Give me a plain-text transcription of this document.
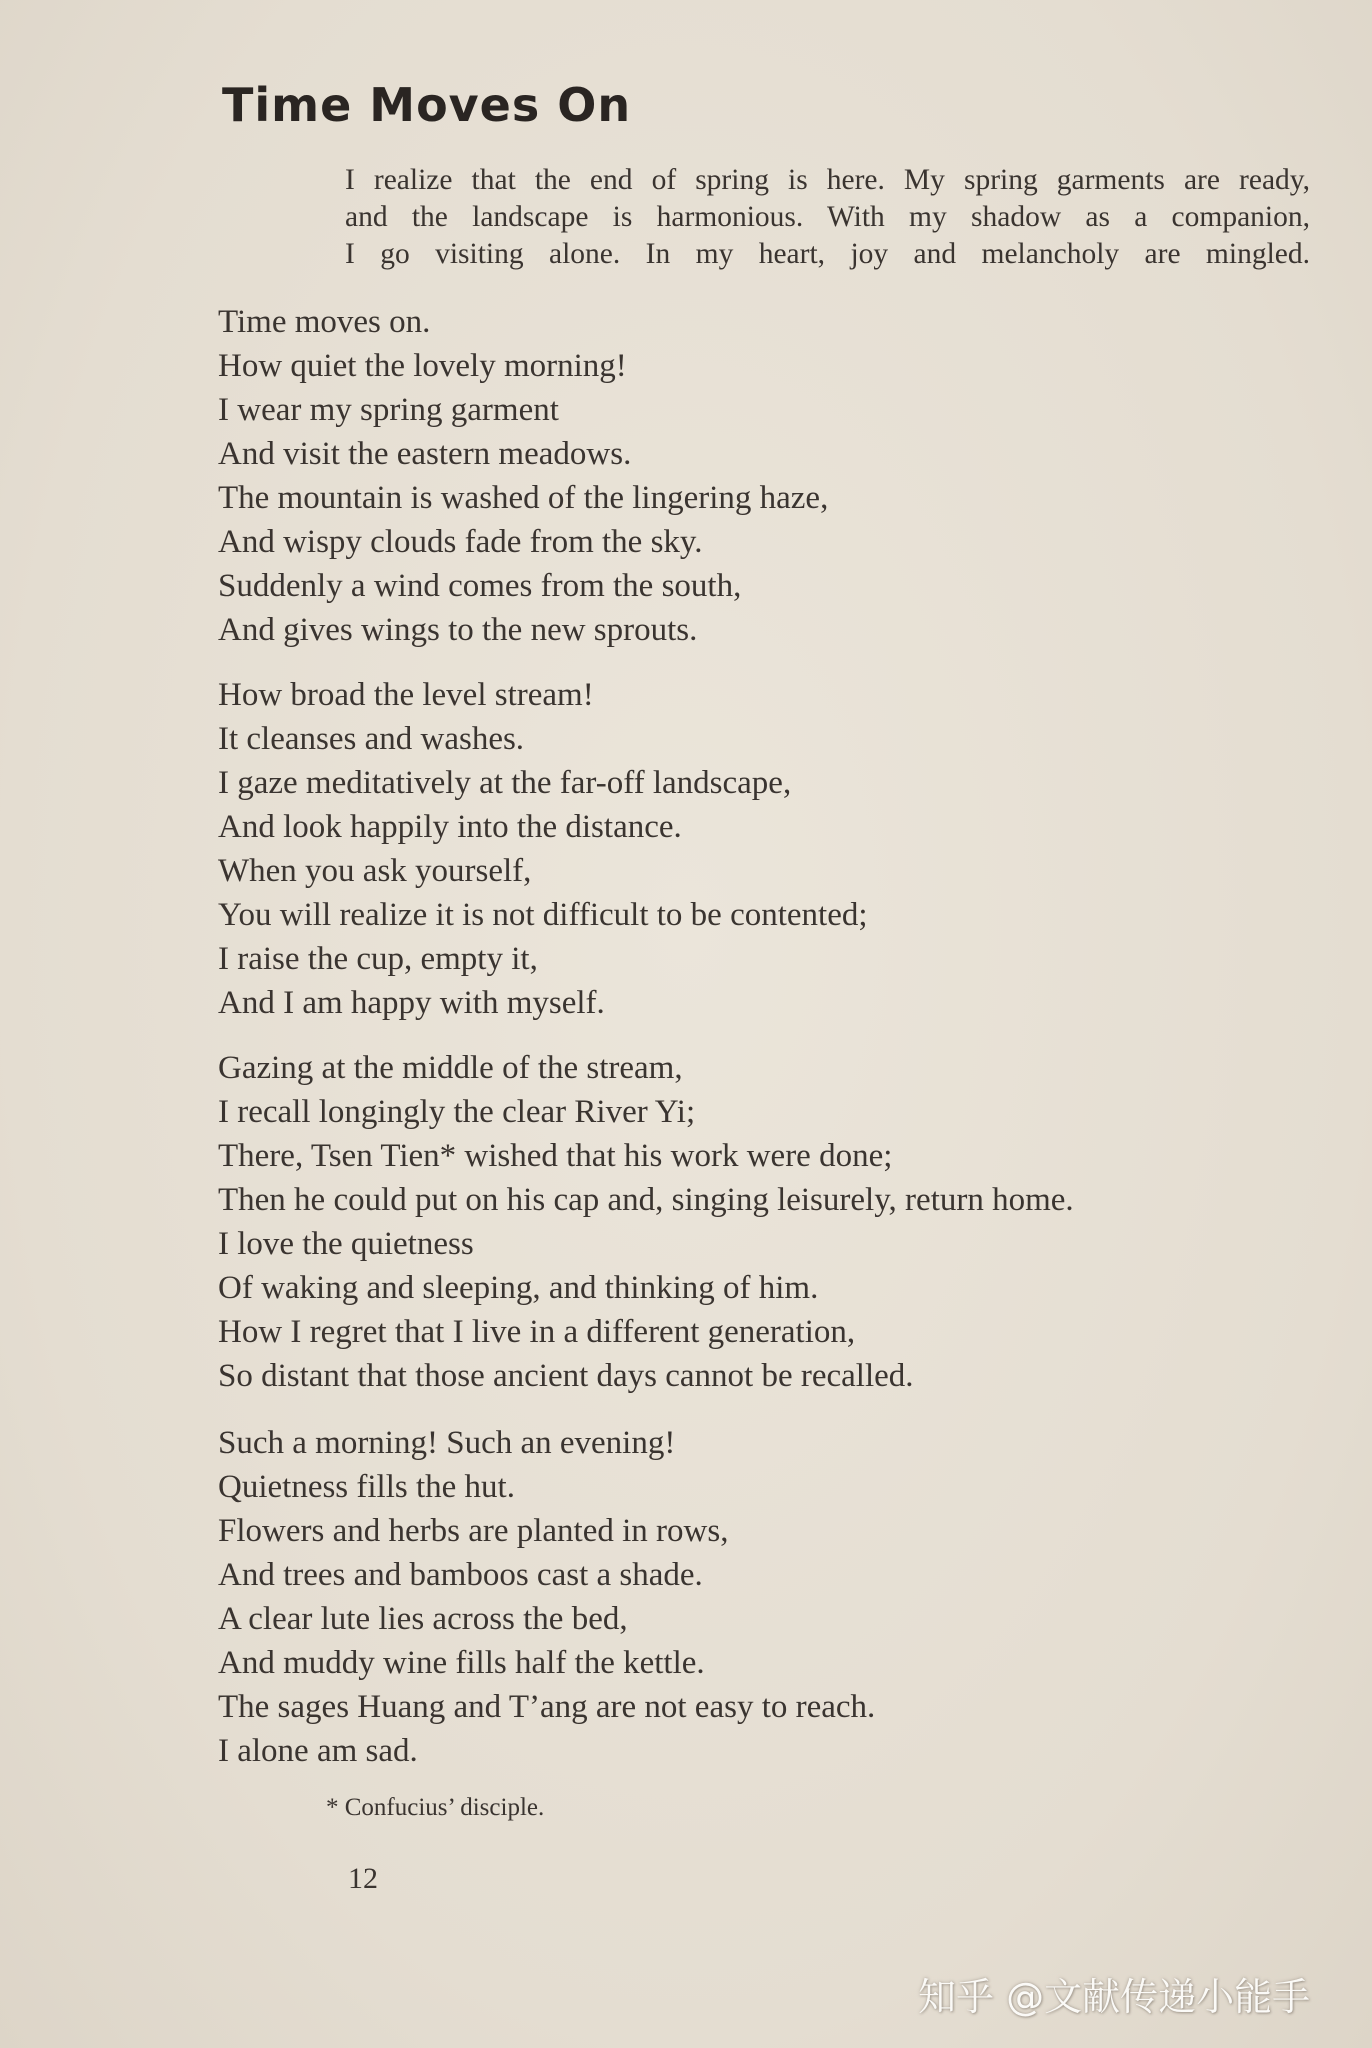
Time Moves On

I realize that the end of spring is here. My spring garments are ready,
and the landscape is harmonious. With my shadow as a companion,
I go visiting alone. In my heart, joy and melancholy are mingled.

Time moves on.
How quiet the lovely morning!
I wear my spring garment
And visit the eastern meadows.
The mountain is washed of the lingering haze,
And wispy clouds fade from the sky.
Suddenly a wind comes from the south,
And gives wings to the new sprouts.
How broad the level stream!
It cleanses and washes.
I gaze meditatively at the far-off landscape,
And look happily into the distance.
When you ask yourself,
You will realize it is not difficult to be contented;
I raise the cup, empty it,
And I am happy with myself.
Gazing at the middle of the stream,
I recall longingly the clear River Yi;
There, Tsen Tien* wished that his work were done;
Then he could put on his cap and, singing leisurely, return home.
I love the quietness
Of waking and sleeping, and thinking of him.
How I regret that I live in a different generation,
So distant that those ancient days cannot be recalled.
Such a morning! Such an evening!
Quietness fills the hut.
Flowers and herbs are planted in rows,
And trees and bamboos cast a shade.
A clear lute lies across the bed,
And muddy wine fills half the kettle.
The sages Huang and T’ang are not easy to reach.
I alone am sad.

* Confucius’ disciple.

12

知乎 @文献传递小能手
